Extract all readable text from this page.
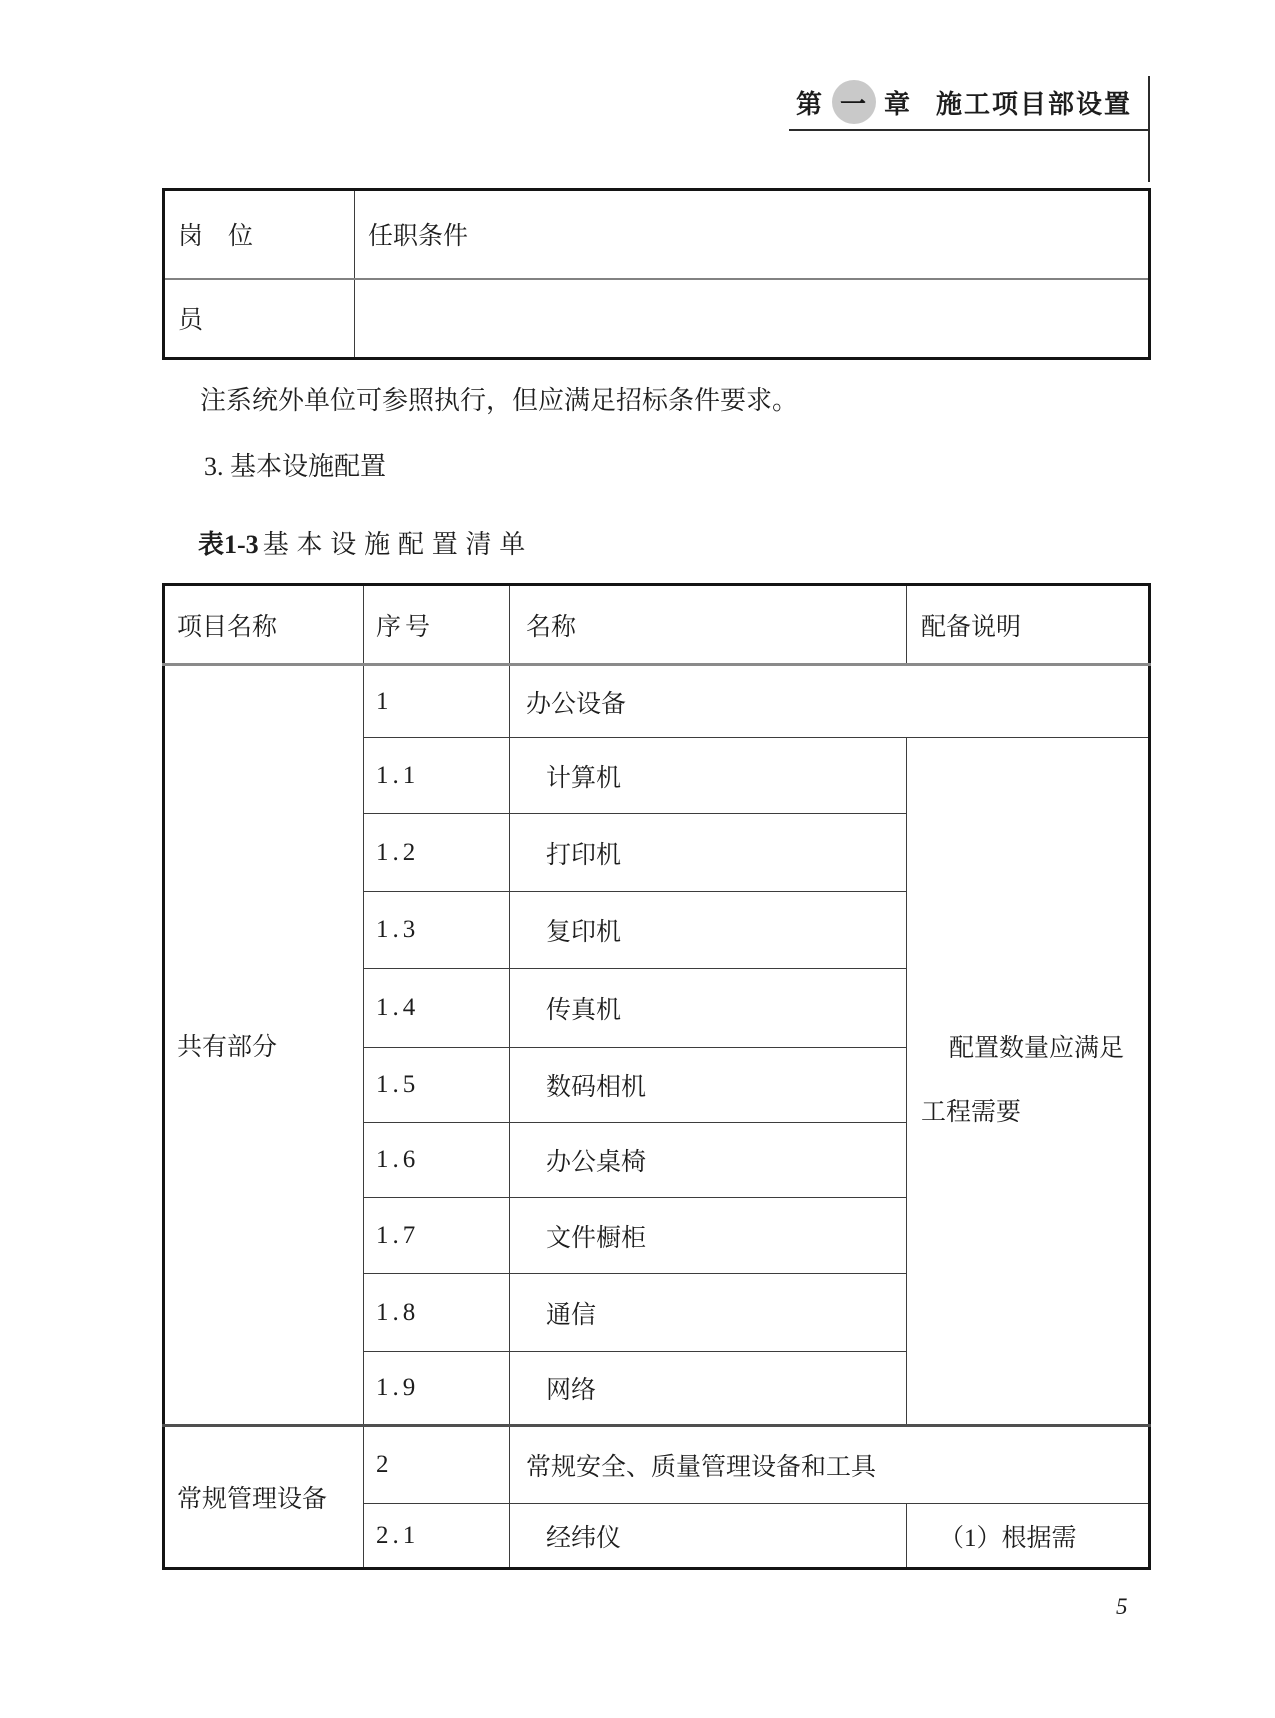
第 一 章 施工项目部设置
岗　位	任职条件
员	
注系统外单位可参照执行，但应满足招标条件要求。
3. 基本设施配置
表1-3 基本设施配置清单
项目名称	序号	名称	配备说明
共有部分	1	办公设备	
	1.1	计算机	配置数量应满足
工程需要

	1.2	打印机	
	1.3	复印机	
	1.4	传真机	
	1.5	数码相机	
	1.6	办公桌椅	
	1.7	文件橱柜	
	1.8	通信	
	1.9	网络	
常规管理设备	2	常规安全、质量管理设备和工具	
	2.1	经纬仪	（1）根据需
5
